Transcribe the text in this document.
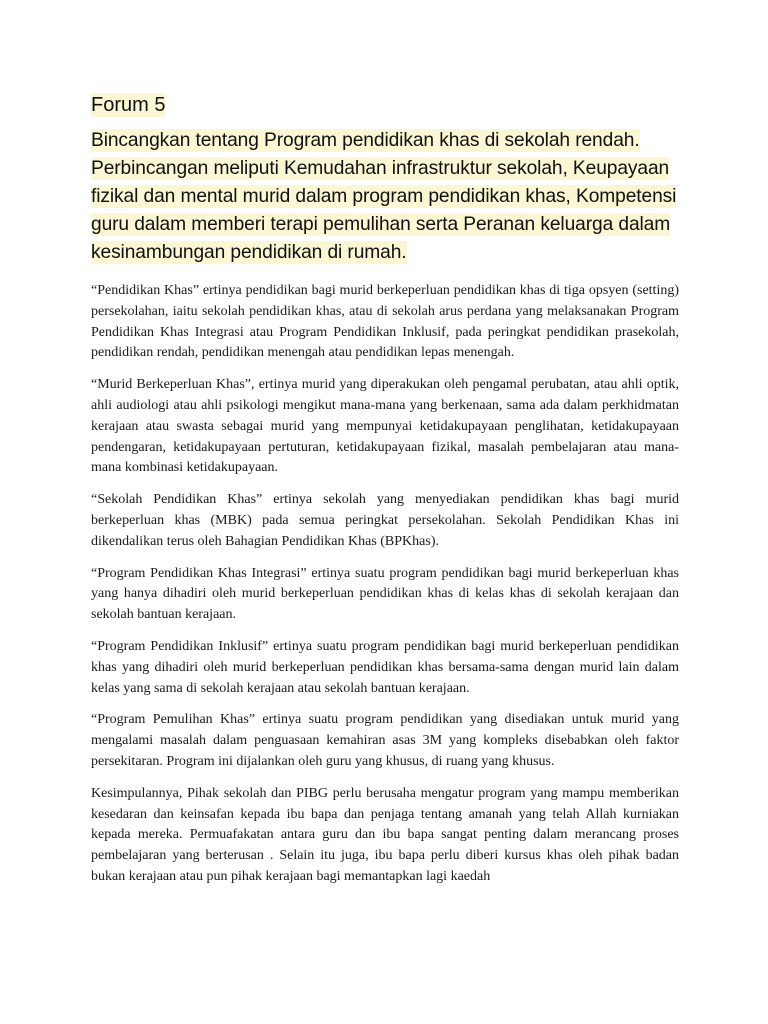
Forum 5
Bincangkan tentang Program pendidikan khas di sekolah rendah. Perbincangan meliputi Kemudahan infrastruktur sekolah, Keupayaan fizikal dan mental murid dalam program pendidikan khas, Kompetensi guru dalam memberi terapi pemulihan serta Peranan keluarga dalam kesinambungan pendidikan di rumah.

“Pendidikan Khas” ertinya pendidikan bagi murid berkeperluan pendidikan khas di tiga opsyen (setting) persekolahan, iaitu sekolah pendidikan khas, atau di sekolah arus perdana yang melaksanakan Program Pendidikan Khas Integrasi atau Program Pendidikan Inklusif, pada peringkat pendidikan prasekolah, pendidikan rendah, pendidikan menengah atau pendidikan lepas menengah.

“Murid Berkeperluan Khas”, ertinya murid yang diperakukan oleh pengamal perubatan, atau ahli optik, ahli audiologi atau ahli psikologi mengikut mana-mana yang berkenaan, sama ada dalam perkhidmatan kerajaan atau swasta sebagai murid yang mempunyai ketidakupayaan penglihatan, ketidakupayaan pendengaran, ketidakupayaan pertuturan, ketidakupayaan fizikal, masalah pembelajaran atau mana-mana kombinasi ketidakupayaan.

“Sekolah Pendidikan Khas” ertinya sekolah yang menyediakan pendidikan khas bagi murid berkeperluan khas (MBK) pada semua peringkat persekolahan. Sekolah Pendidikan Khas ini dikendalikan terus oleh Bahagian Pendidikan Khas (BPKhas).

“Program Pendidikan Khas Integrasi” ertinya suatu program pendidikan bagi murid berkeperluan khas yang hanya dihadiri oleh murid berkeperluan pendidikan khas di kelas khas di sekolah kerajaan dan sekolah bantuan kerajaan.

“Program Pendidikan Inklusif” ertinya suatu program pendidikan bagi murid berkeperluan pendidikan khas yang dihadiri oleh murid berkeperluan pendidikan khas bersama-sama dengan murid lain dalam kelas yang sama di sekolah kerajaan atau sekolah bantuan kerajaan.

“Program Pemulihan Khas” ertinya suatu program pendidikan yang disediakan untuk murid yang mengalami masalah dalam penguasaan kemahiran asas 3M yang kompleks disebabkan oleh faktor persekitaran. Program ini dijalankan oleh guru yang khusus, di ruang yang khusus.

Kesimpulannya, Pihak sekolah dan PIBG perlu berusaha mengatur program yang mampu memberikan kesedaran dan keinsafan kepada ibu bapa dan penjaga tentang amanah yang telah Allah kurniakan kepada mereka. Permuafakatan antara guru dan ibu bapa sangat penting dalam merancang proses pembelajaran yang berterusan . Selain itu juga, ibu bapa perlu diberi kursus khas oleh pihak badan bukan kerajaan atau pun pihak kerajaan bagi memantapkan lagi kaedah
